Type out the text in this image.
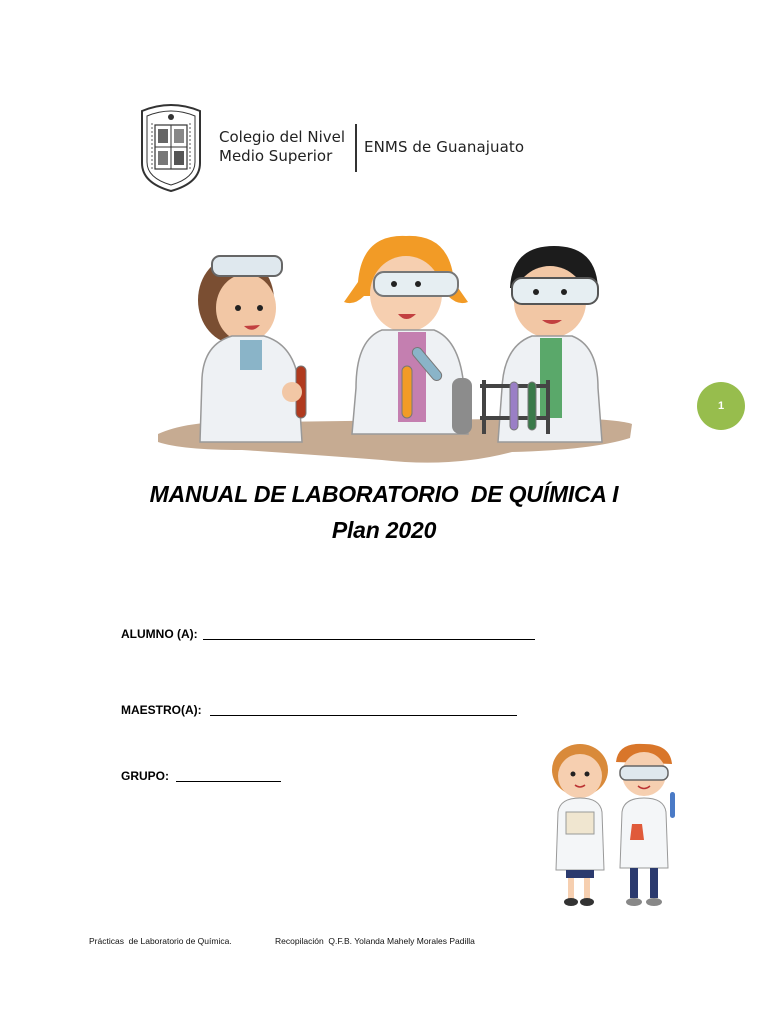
Colegio del Nivel
Medio Superior	ENMS de Guanajuato
1
MANUAL DE LABORATORIO  DE QUÍMICA I
Plan 2020
ALUMNO (A):
MAESTRO(A):
GRUPO:
Prácticas  de Laboratorio de Química.	Recopilación  Q.F.B. Yolanda Mahely Morales Padilla
